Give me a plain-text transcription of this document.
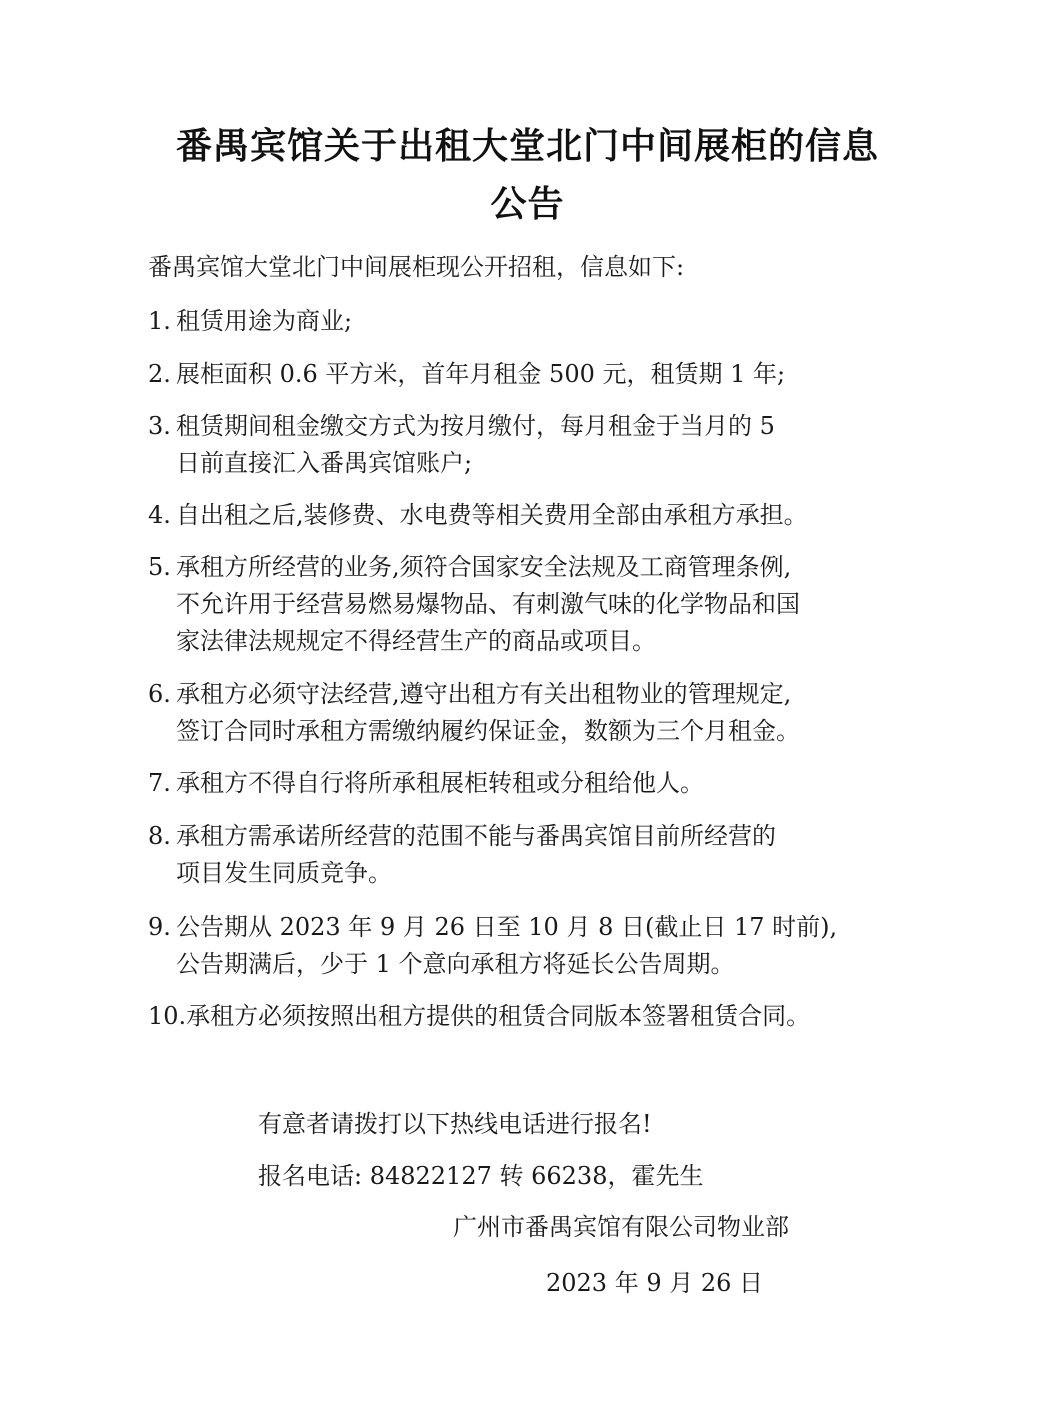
番禺宾馆关于出租大堂北门中间展柜的信息
公告
番禺宾馆大堂北门中间展柜现公开招租，信息如下:
1. 租赁用途为商业;
2. 展柜面积 0.6 平方米，首年月租金 500 元，租赁期 1 年;
3. 租赁期间租金缴交方式为按月缴付，每月租金于当月的 5
日前直接汇入番禺宾馆账户;
4. 自出租之后,装修费、水电费等相关费用全部由承租方承担。
5. 承租方所经营的业务,须符合国家安全法规及工商管理条例,
不允许用于经营易燃易爆物品、有刺激气味的化学物品和国
家法律法规规定不得经营生产的商品或项目。
6. 承租方必须守法经营,遵守出租方有关出租物业的管理规定,
签订合同时承租方需缴纳履约保证金，数额为三个月租金。
7. 承租方不得自行将所承租展柜转租或分租给他人。
8. 承租方需承诺所经营的范围不能与番禺宾馆目前所经营的
项目发生同质竞争。
9. 公告期从 2023 年 9 月 26 日至 10 月 8 日(截止日 17 时前),
公告期满后，少于 1 个意向承租方将延长公告周期。
10.承租方必须按照出租方提供的租赁合同版本签署租赁合同。
有意者请拨打以下热线电话进行报名!
报名电话: 84822127 转 66238，霍先生
广州市番禺宾馆有限公司物业部
2023 年 9 月 26 日
